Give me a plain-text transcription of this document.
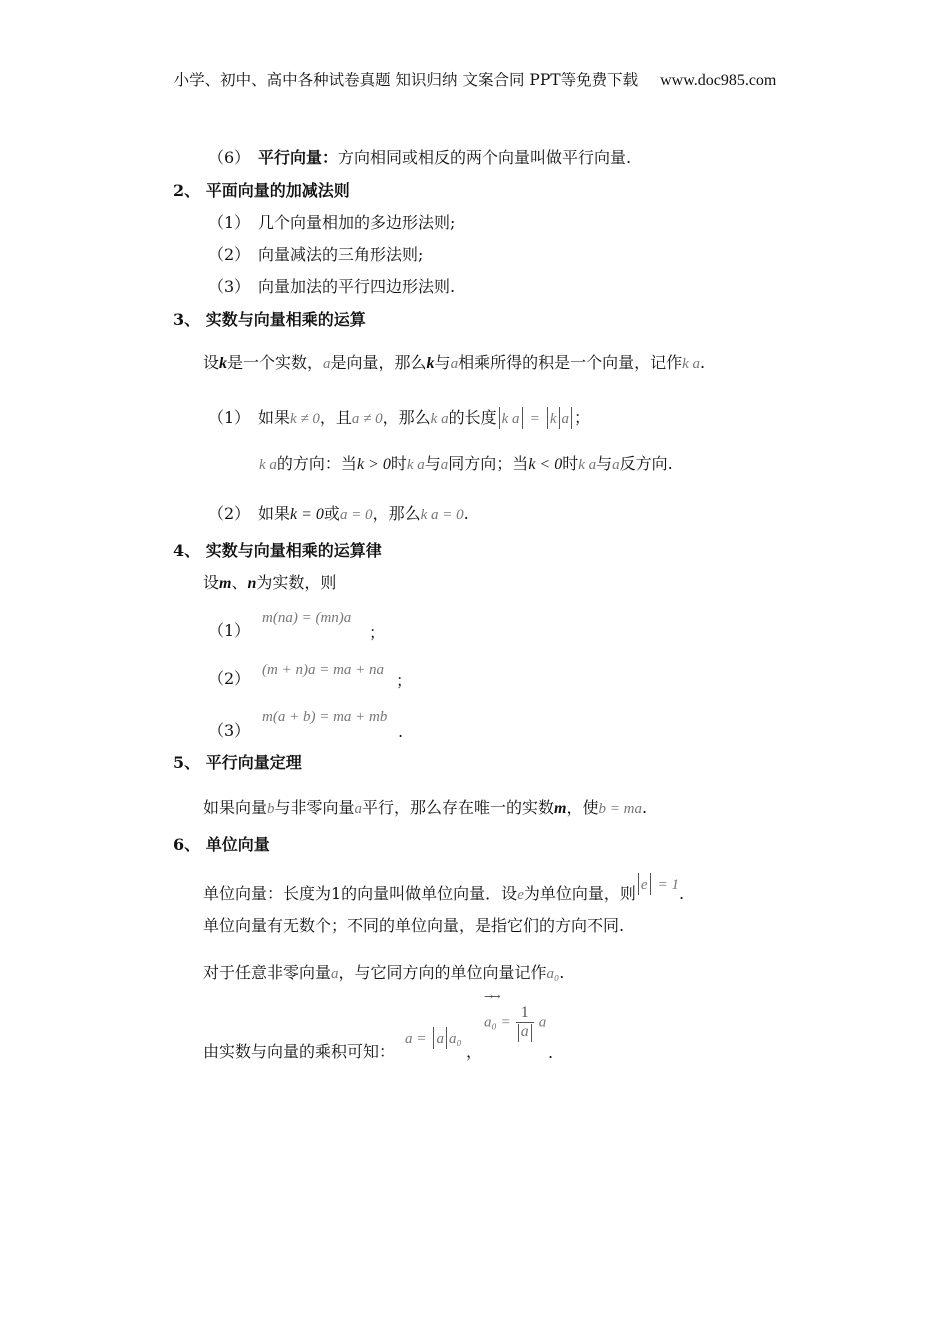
小学、初中、高中各种试卷真题 知识归纳 文案合同 PPT等免费下载 www.doc985.com
（6） 平行向量：方向相同或相反的两个向量叫做平行向量.
2、 平面向量的加减法则
（1） 几个向量相加的多边形法则;
（2） 向量减法的三角形法则;
（3） 向量加法的平行四边形法则.
3、 实数与向量相乘的运算
设k是一个实数，a是向量，那么k与a相乘所得的积是一个向量，记作k a.
（1） 如果k ≠ 0，且a ≠ 0，那么k a的长度 k a = k a ；
k a的方向：当k > 0时k a与a同方向；当k < 0时k a与a反方向.
（2） 如果k = 0或a = 0，那么k a = 0.
4、 实数与向量相乘的运算律
设m、n为实数，则
（1）
m(na) = (mn)a
；
（2） (m + n)a = ma + na
；
（3）
m(a + b) = ma + mb
.
5、 平行向量定理
如果向量b与非零向量a平行，那么存在唯一的实数m，使b = ma.
6、 单位向量
单位向量：长度为1的向量叫做单位向量．设e为单位向量，则 e = 1.
单位向量有无数个；不同的单位向量，是指它们的方向不同.
对于任意非零向量a，与它同方向的单位向量记作a₀.
由实数与向量的乘积可知：
a = a a₀
，
→→
$a_0 = \frac{1}{a}$ a
.
